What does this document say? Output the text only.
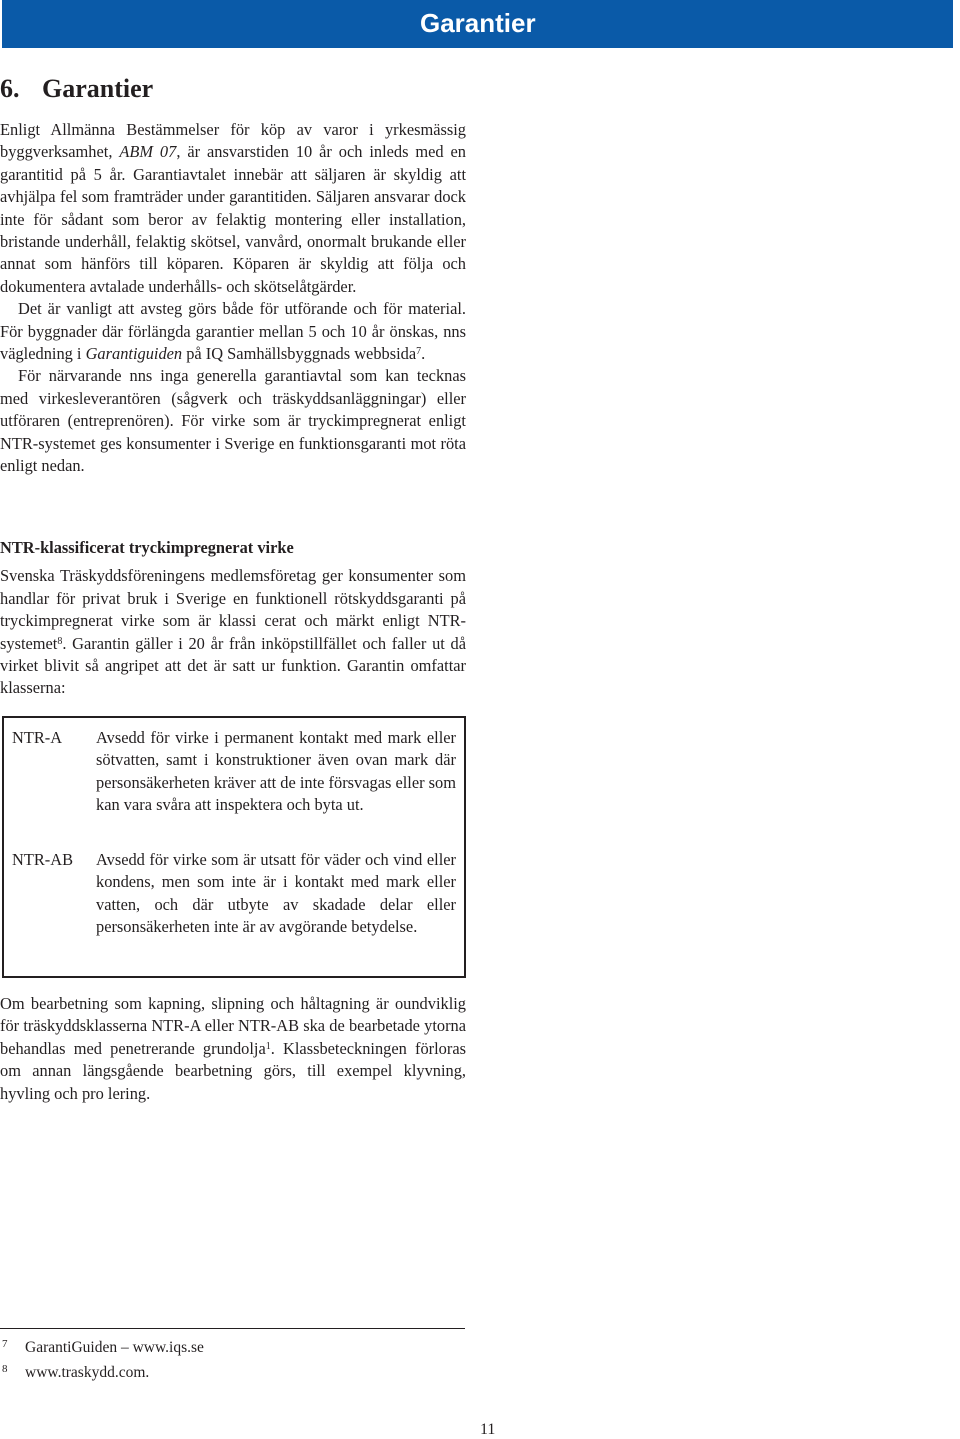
Garantier
6. Garantier

Enligt Allmänna Bestämmelser för köp av varor i yrkesmässig byggverksamhet, ABM 07, är ansvarstiden 10 år och inleds med en garantitid på 5 år. Garantiavtalet innebär att säljaren är skyldig att avhjälpa fel som framträder under garantitiden. Säljaren ansvarar dock inte för sådant som beror av felaktig montering eller installation, bristande underhåll, felaktig skötsel, vanvård, onormalt brukande eller annat som hänförs till köparen. Köparen är skyldig att följa och dokumentera avtalade underhålls- och skötselåtgärder.

Det är vanligt att avsteg görs både för utförande och för material. För byggnader där förlängda garantier mellan 5 och 10 år önskas, nns vägledning i Garantiguiden på IQ Samhällsbyggnads webbsida$^7$.

För närvarande nns inga generella garantiavtal som kan tecknas med virkesleverantören (sågverk och träskyddsanläggningar) eller utföraren (entreprenören). För virke som är tryckimpregnerat enligt NTR-systemet ges konsumenter i Sverige en funktionsgaranti mot röta enligt nedan.

NTR-klassificerat tryckimpregnerat virke

Svenska Träskyddsföreningens medlemsföretag ger konsumenter som handlar för privat bruk i Sverige en funktionell rötskyddsgaranti på tryckimpregnerat virke som är klassi cerat och märkt enligt NTR-systemet$^8$. Garantin gäller i 20 år från inköpstillfället och faller ut då virket blivit så angripet att det är satt ur funktion. Garantin omfattar klasserna:

NTR-A	Avsedd för virke i permanent kontakt med mark eller sötvatten, samt i konstruktioner även ovan mark där personsäkerheten kräver att de inte försvagas eller som kan vara svåra att inspektera och byta ut.
NTR-AB	Avsedd för virke som är utsatt för väder och vind eller kondens, men som inte är i kontakt med mark eller vatten, och där utbyte av skadade delar eller personsäkerheten inte är av avgörande betydelse.

Om bearbetning som kapning, slipning och håltagning är oundviklig för träskyddsklasserna NTR-A eller NTR-AB ska de bearbetade ytorna behandlas med penetrerande grundolja$^1$. Klassbeteckningen förloras om annan längsgående bearbetning görs, till exempel klyvning, hyvling och pro lering.

7 GarantiGuiden – www.iqs.se
8 www.traskydd.com.
11
